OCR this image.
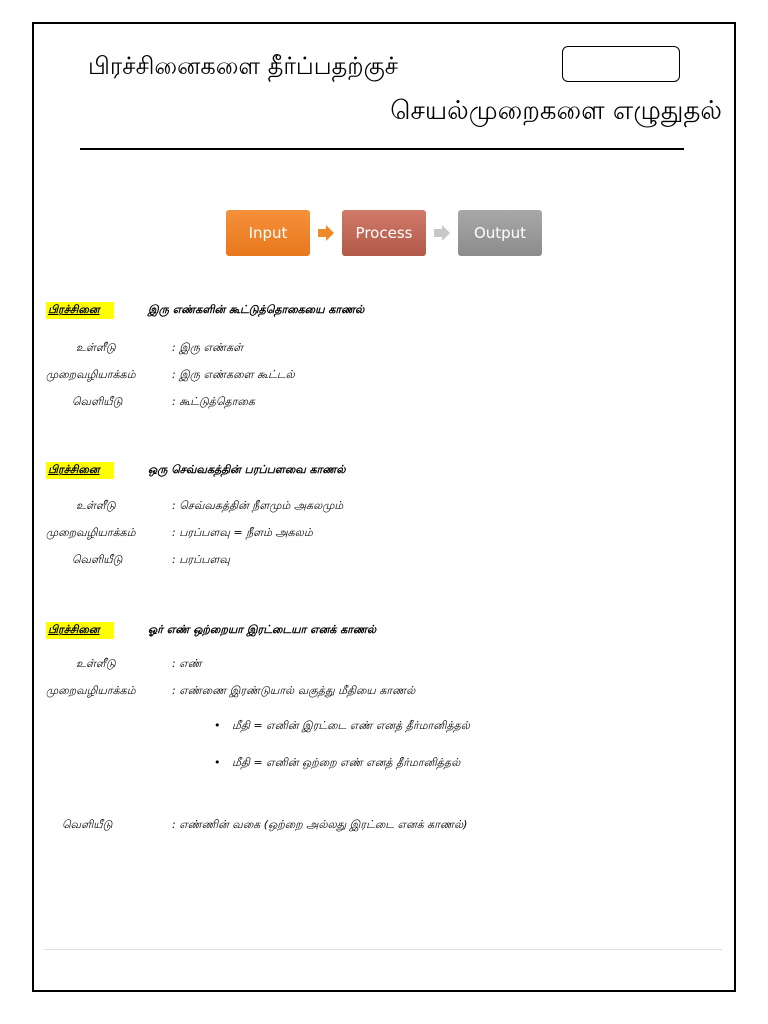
பிரச்சினைகளை தீர்ப்பதற்குச்
செயல்முறைகளை எழுதுதல்
Input	Process	Output
பிரச்சினை	இரு எண்களின் கூட்டுத்தொகையை காணல்
உள்ளீடு	: இரு எண்கள்
முறைவழியாக்கம்	: இரு எண்களை கூட்டல்
வெளியீடு	: கூட்டுத்தொகை
பிரச்சினை	ஒரு செவ்வகத்தின் பரப்பளவை காணல்
உள்ளீடு	: செவ்வகத்தின் நீளமும் அகலமும்
முறைவழியாக்கம்	: பரப்பளவு = நீளம் அகலம்
வெளியீடு	: பரப்பளவு
பிரச்சினை	ஓர் எண் ஒற்றையா இரட்டையா எனக் காணல்
உள்ளீடு	: எண்
முறைவழியாக்கம்	: எண்ணை இரண்டுயால் வகுத்து மீதியை காணல்
• மீதி = எனின் இரட்டை எண் எனத் தீர்மானித்தல்
• மீதி = எனின் ஒற்றை எண் எனத் தீர்மானித்தல்
வெளியீடு	: எண்ணின் வகை (ஒற்றை அல்லது இரட்டை எனக் காணல்)
